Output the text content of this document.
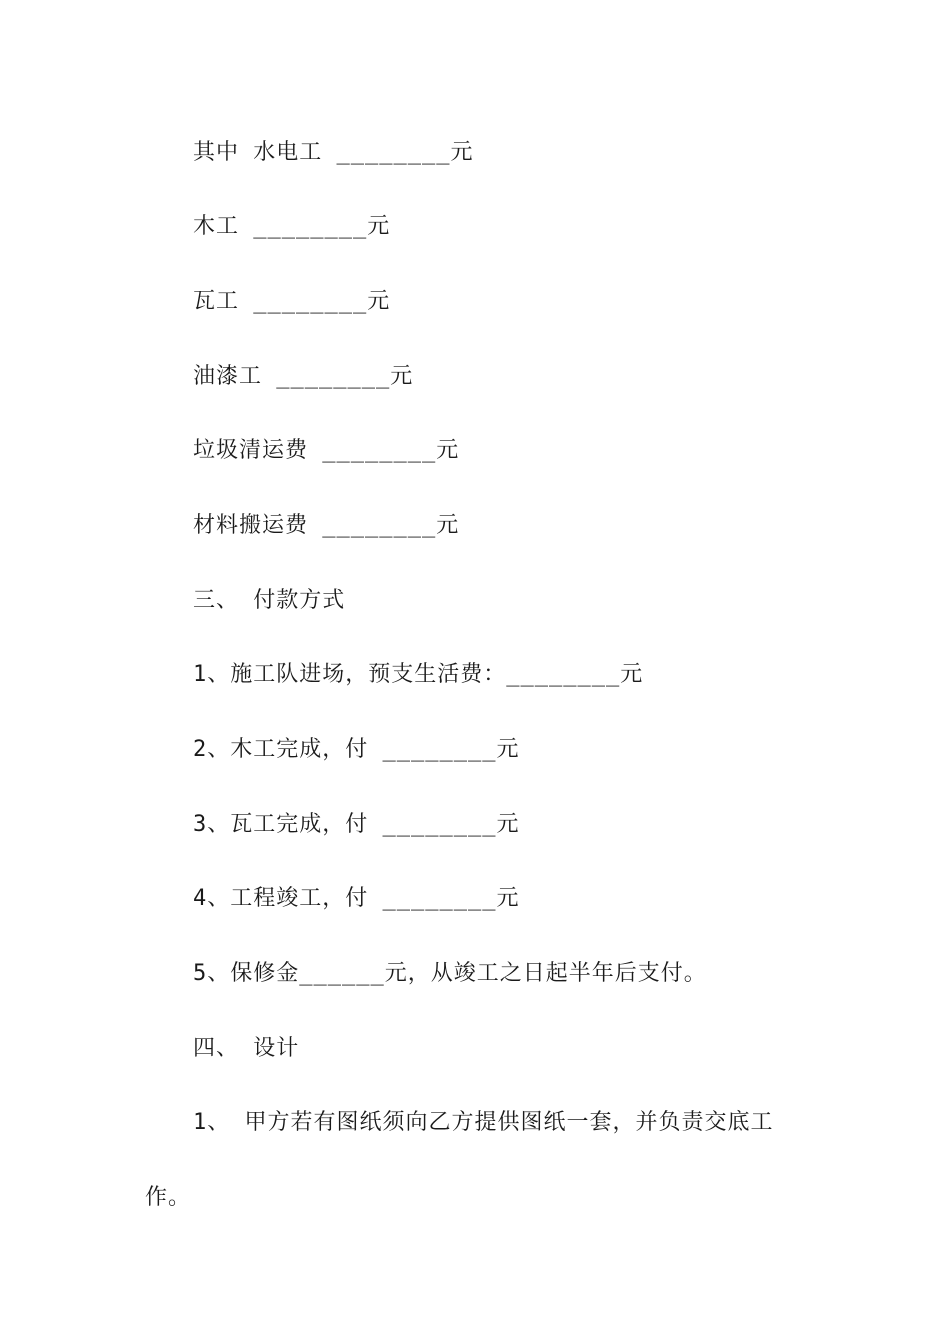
其中 水电工 ________元
木工 ________元
瓦工 ________元
油漆工 ________元
垃圾清运费 ________元
材料搬运费 ________元
三、 付款方式
1、施工队进场，预支生活费：________元
2、木工完成，付 ________元
3、瓦工完成，付 ________元
4、工程竣工，付 ________元
5、保修金______元，从竣工之日起半年后支付。
四、 设计
1、 甲方若有图纸须向乙方提供图纸一套，并负责交底工
作。
